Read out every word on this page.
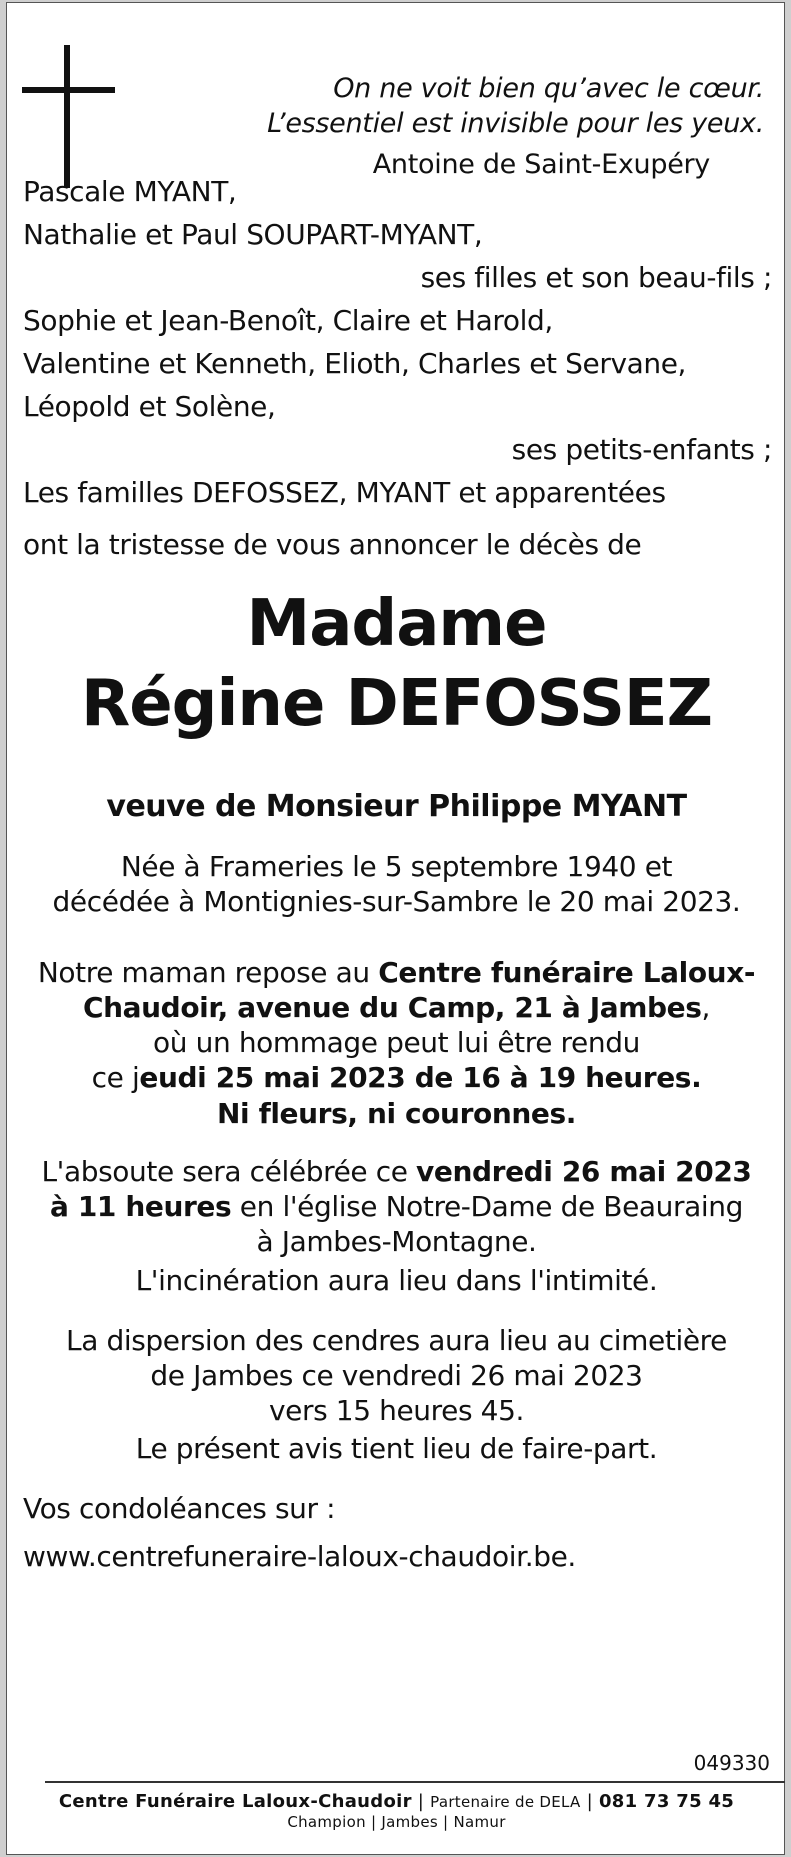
On ne voit bien qu’avec le cœur.
L’essentiel est invisible pour les yeux.
Antoine de Saint-Exupéry
Pascale MYANT,
Nathalie et Paul SOUPART-MYANT,
ses filles et son beau-fils ;
Sophie et Jean-Benoît, Claire et Harold,
Valentine et Kenneth, Elioth, Charles et Servane,
Léopold et Solène,
ses petits-enfants ;
Les familles DEFOSSEZ, MYANT et apparentées
ont la tristesse de vous annoncer le décès de
Madame
Régine DEFOSSEZ
veuve de Monsieur Philippe MYANT
Née à Frameries le 5 septembre 1940 et
décédée à Montignies-sur-Sambre le 20 mai 2023.
Notre maman repose au Centre funéraire Laloux-
Chaudoir, avenue du Camp, 21 à Jambes,
où un hommage peut lui être rendu
ce jeudi 25 mai 2023 de 16 à 19 heures.
Ni fleurs, ni couronnes.
L'absoute sera célébrée ce vendredi 26 mai 2023
à 11 heures en l'église Notre-Dame de Beauraing
à Jambes-Montagne.
L'incinération aura lieu dans l'intimité.
La dispersion des cendres aura lieu au cimetière
de Jambes ce vendredi 26 mai 2023
vers 15 heures 45.
Le présent avis tient lieu de faire-part.
Vos condoléances sur :
www.centrefuneraire-laloux-chaudoir.be.
049330
Centre Funéraire Laloux-Chaudoir | Partenaire de DELA | 081 73 75 45
Champion | Jambes | Namur
